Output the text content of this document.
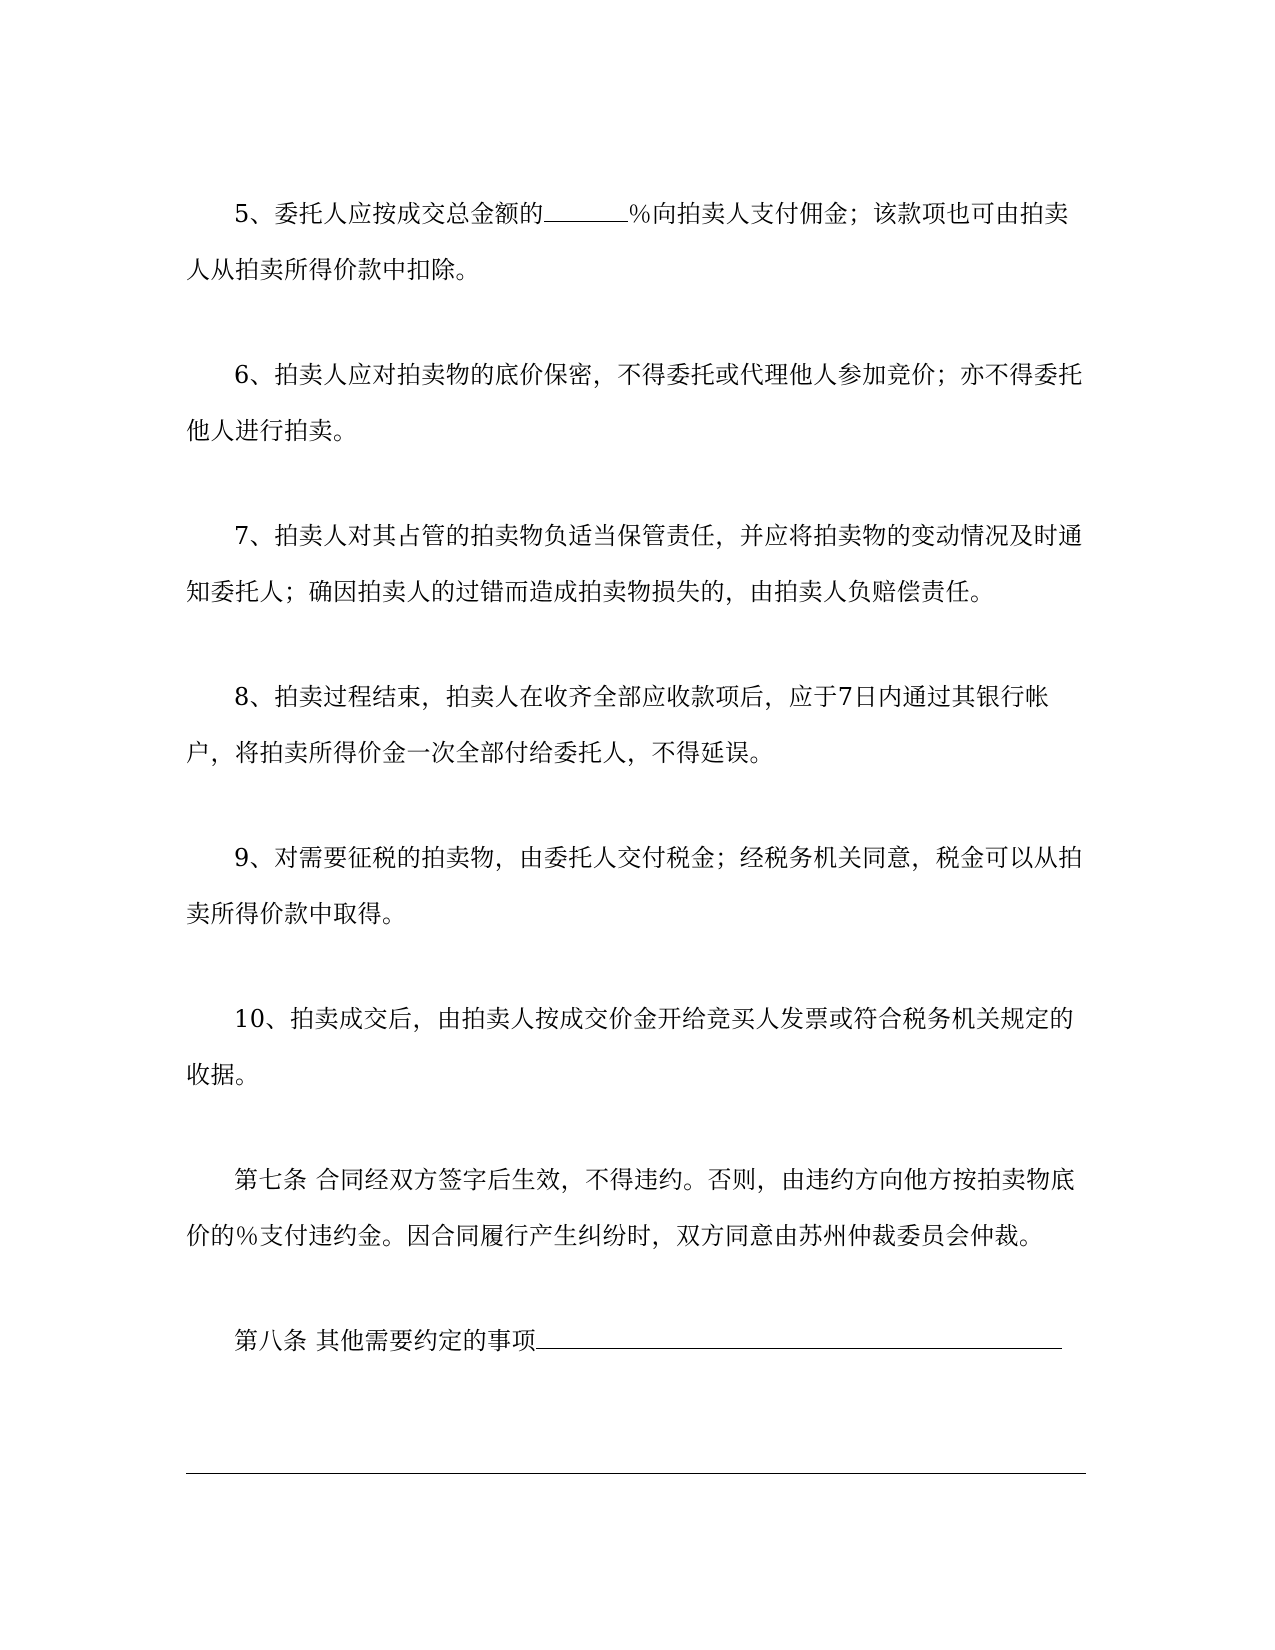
5、委托人应按成交总金额的	％向拍卖人支付佣金；该款项也可由拍卖人从拍卖所得价款中扣除。

6、拍卖人应对拍卖物的底价保密，不得委托或代理他人参加竞价；亦不得委托他人进行拍卖。

7、拍卖人对其占管的拍卖物负适当保管责任，并应将拍卖物的变动情况及时通知委托人；确因拍卖人的过错而造成拍卖物损失的，由拍卖人负赔偿责任。

8、拍卖过程结束，拍卖人在收齐全部应收款项后，应于7日内通过其银行帐户，将拍卖所得价金一次全部付给委托人，不得延误。

9、对需要征税的拍卖物，由委托人交付税金；经税务机关同意，税金可以从拍卖所得价款中取得。

10、拍卖成交后，由拍卖人按成交价金开给竞买人发票或符合税务机关规定的收据。

第七条 合同经双方签字后生效，不得违约。否则，由违约方向他方按拍卖物底价的％支付违约金。因合同履行产生纠纷时，双方同意由苏州仲裁委员会仲裁。

第八条 其他需要约定的事项
